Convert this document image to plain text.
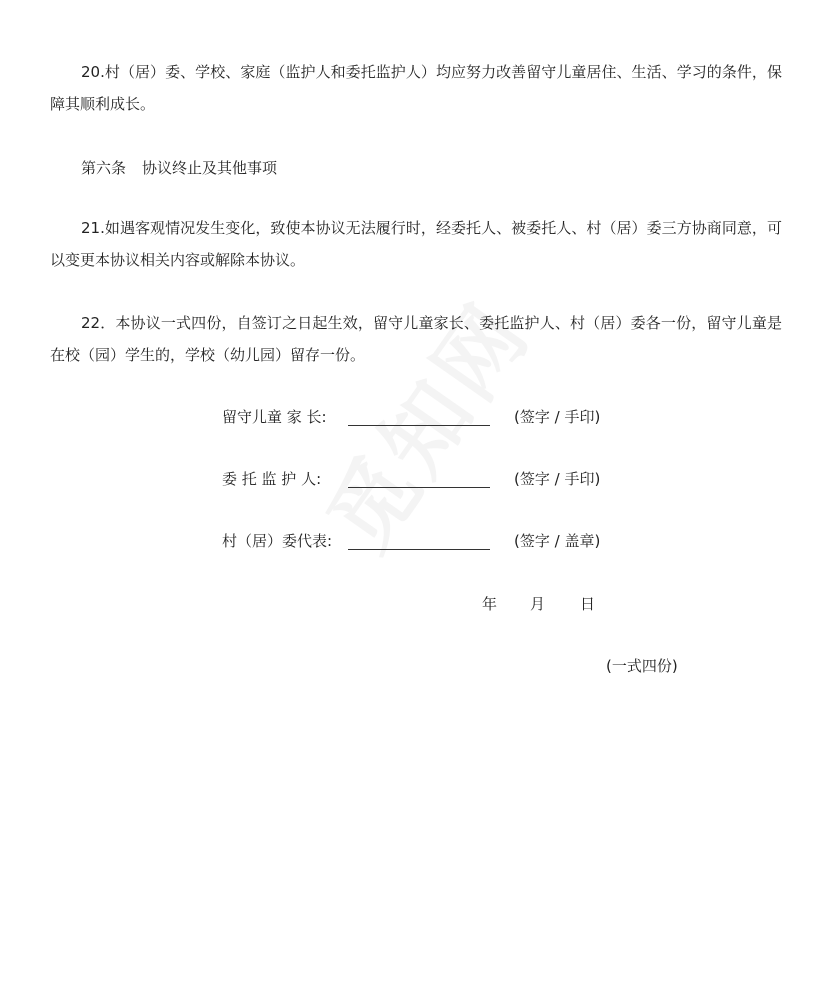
20.村（居）委、学校、家庭（监护人和委托监护人）均应努力改善留守儿童居住、生活、学习的条件，保障其顺利成长。

第六条 协议终止及其他事项

21.如遇客观情况发生变化，致使本协议无法履行时，经委托人、被委托人、村（居）委三方协商同意，可以变更本协议相关内容或解除本协议。

22．本协议一式四份，自签订之日起生效，留守儿童家长、委托监护人、村（居）委各一份，留守儿童是在校（园）学生的，学校（幼儿园）留存一份。

留守儿童 家 长:	(签字 / 手印)
委 托 监 护 人:	(签字 / 手印)
村（居）委代表:	(签字 / 盖章)
年 月 日
(一式四份)
